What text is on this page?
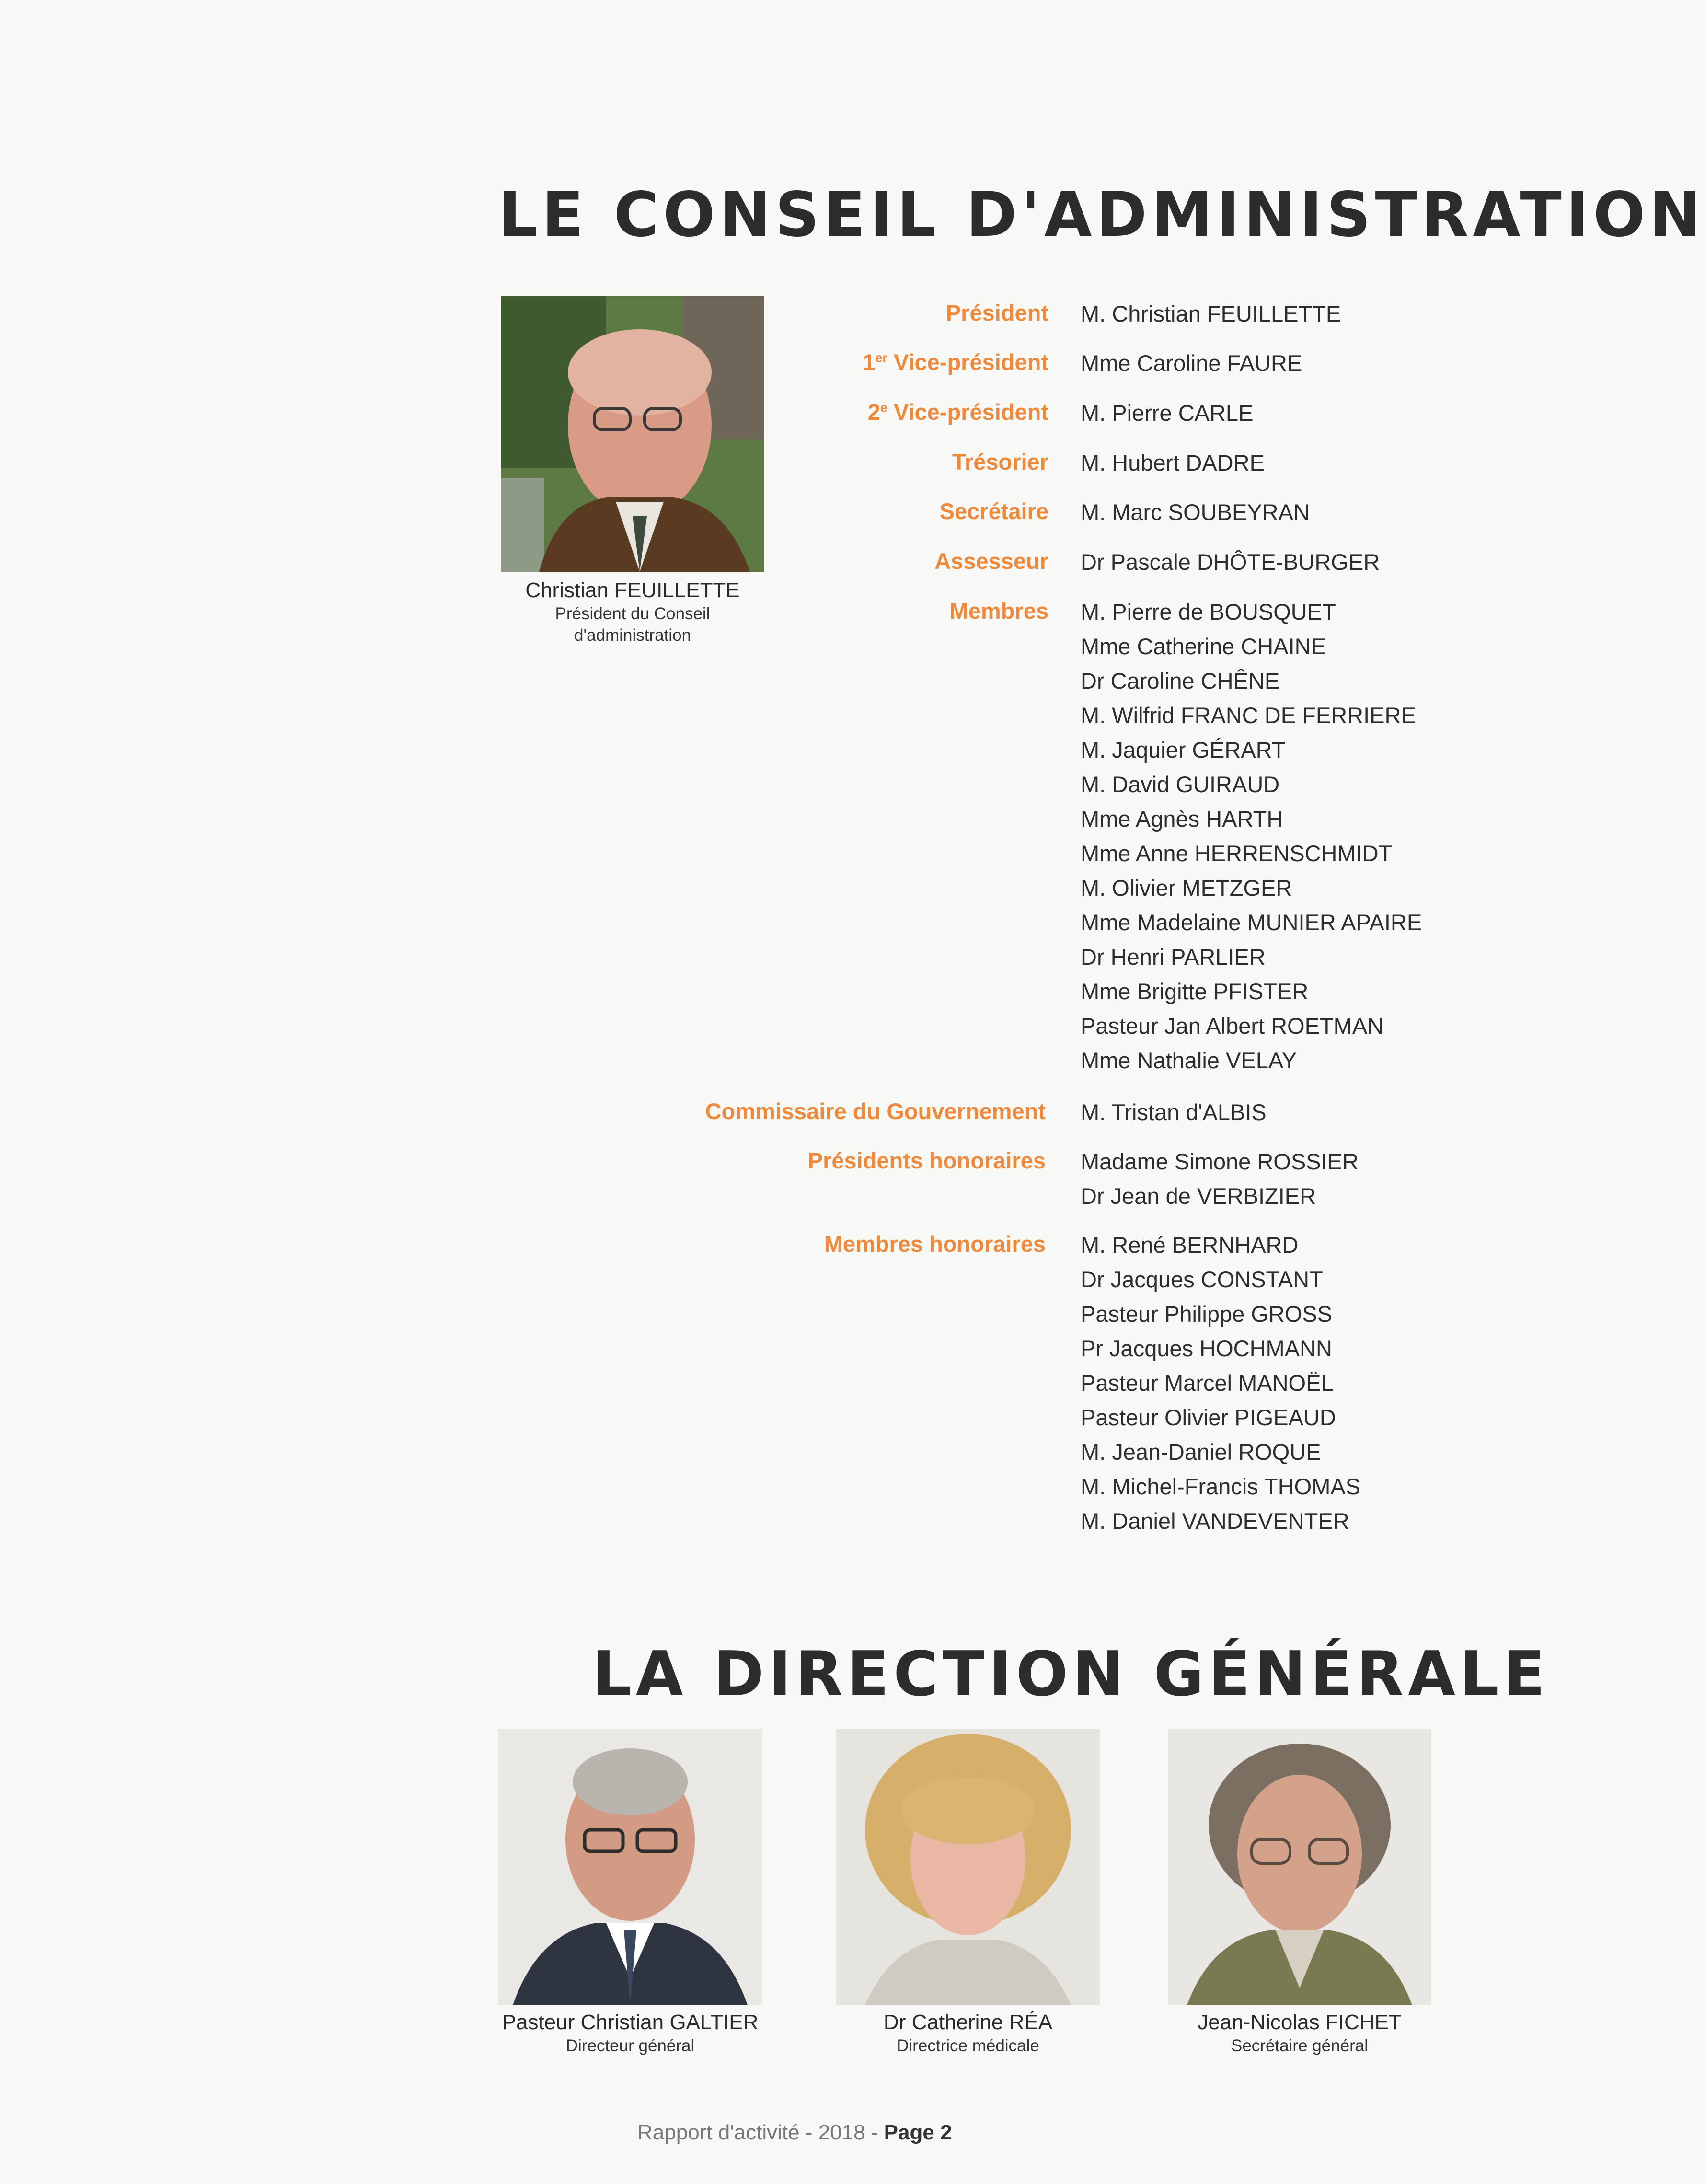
LE CONSEIL D'ADMINISTRATION
LA DIRECTION GÉNÉRALE
Christian FEUILLETTE
Président du Conseil
d'administration
Président
1er Vice-président
2e Vice-président
Trésorier
Secrétaire
Assesseur
Membres
Commissaire du Gouvernement
Présidents honoraires
Membres honoraires
M. Christian FEUILLETTE
Mme Caroline FAURE
M. Pierre CARLE
M. Hubert DADRE
M. Marc SOUBEYRAN
Dr Pascale DHÔTE-BURGER
M. Pierre de BOUSQUET
Mme Catherine CHAINE
Dr Caroline CHÊNE
M. Wilfrid FRANC DE FERRIERE
M. Jaquier GÉRART
M. David GUIRAUD
Mme Agnès HARTH
Mme Anne HERRENSCHMIDT
M. Olivier METZGER
Mme Madelaine MUNIER APAIRE
Dr Henri PARLIER
Mme Brigitte PFISTER
Pasteur Jan Albert ROETMAN
Mme Nathalie VELAY
M. Tristan d'ALBIS
Madame Simone ROSSIER
Dr Jean de VERBIZIER
M. René BERNHARD
Dr Jacques CONSTANT
Pasteur Philippe GROSS
Pr Jacques HOCHMANN
Pasteur Marcel MANOËL
Pasteur Olivier PIGEAUD
M. Jean-Daniel ROQUE
M. Michel-Francis THOMAS
M. Daniel VANDEVENTER
Pasteur Christian GALTIER
Directeur général
Dr Catherine RÉA
Directrice médicale
Jean-Nicolas FICHET
Secrétaire général
Rapport d'activité - 2018 - Page 2
